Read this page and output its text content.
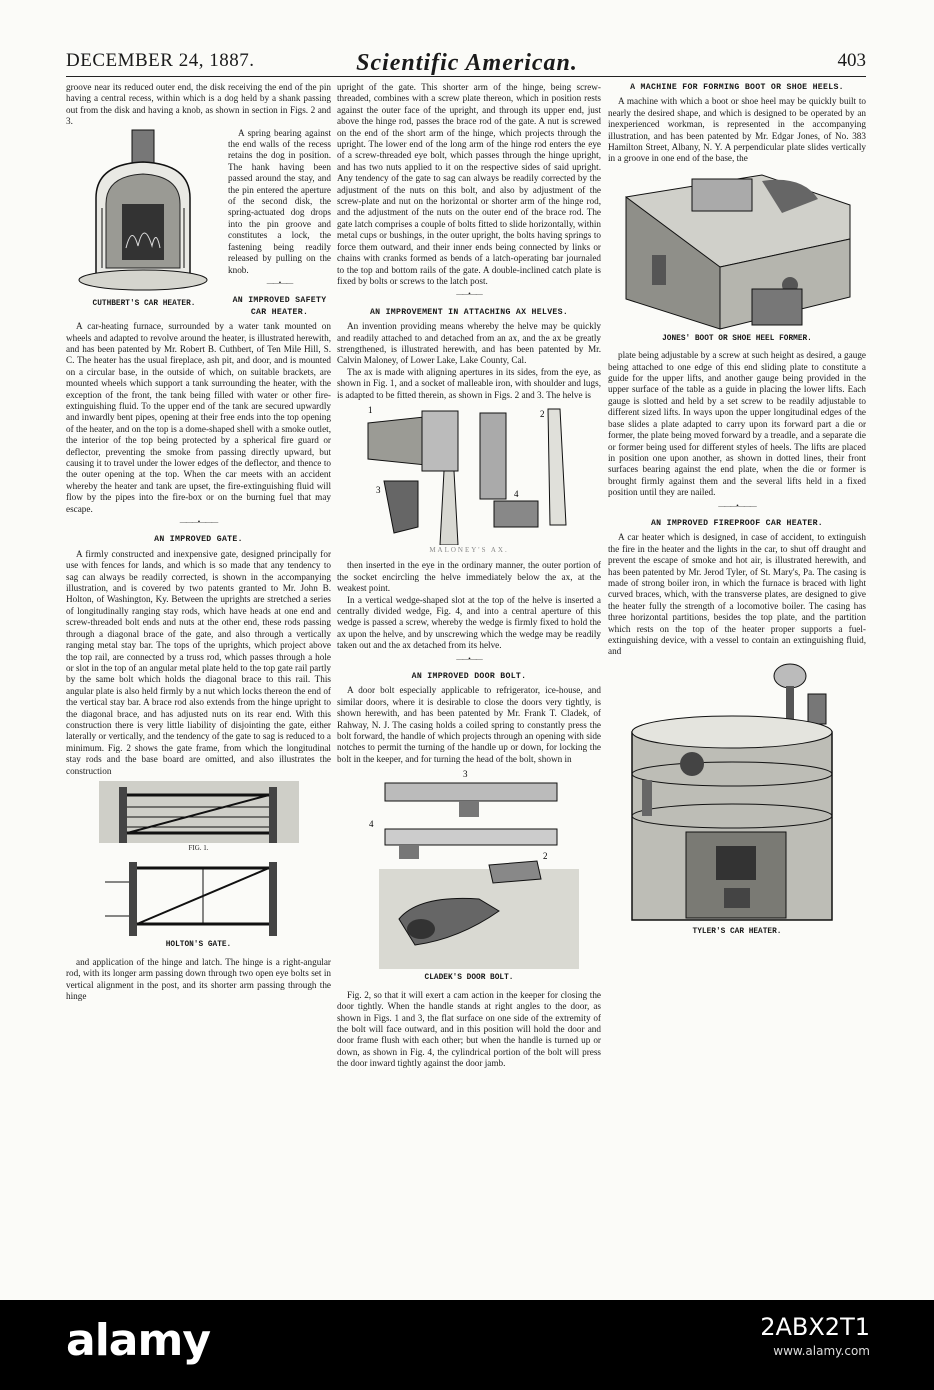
DECEMBER 24, 1887.	Scientific American.	403

groove near its reduced outer end, the disk receiving the end of the pin having a central recess, within which is a dog held by a shank passing out from the disk and having a knob, as shown in section in Figs. 2 and 3.

CUTHBERT'S CAR HEATER.

A spring bearing against the end walls of the recess retains the dog in position. The hank having been passed around the stay, and the pin entered the aperture of the second disk, the spring-actuated dog drops into the pin groove and constitutes a lock, the fastening being readily released by pulling on the knob.

——•——
AN IMPROVED SAFETY CAR HEATER.

A car-heating furnace, surrounded by a water tank mounted on wheels and adapted to revolve around the heater, is illustrated herewith, and has been patented by Mr. Robert B. Cuthbert, of Ten Mile Hill, S. C. The heater has the usual fireplace, ash pit, and door, and is mounted on a circular base, in the outside of which, on suitable brackets, are mounted wheels which support a tank surrounding the heater, with the exception of the front, the tank being filled with water or other fire-extinguishing fluid. To the upper end of the tank are secured upwardly and inwardly bent pipes, opening at their free ends into the top opening of the heater, and on the top is a dome-shaped shell with a smoke outlet, the interior of the top being protected by a spherical fire guard or deflector, preventing the smoke from passing directly upward, but causing it to travel under the lower edges of the deflector, and thence to the outer opening at the top. When the car meets with an accident whereby the heater and tank are upset, the fire-extinguishing fluid will flow by the pipes into the fire-box or on the burning fuel that may escape.

———•———
AN IMPROVED GATE.

A firmly constructed and inexpensive gate, designed principally for use with fences for lands, and which is so made that any tendency to sag can always be readily corrected, is shown in the accompanying illustration, and is covered by two patents granted to Mr. John B. Holton, of Washington, Ky. Between the uprights are stretched a series of longitudinally ranging stay rods, which have heads at one end and screw-threaded bolt ends and nuts at the other end, these rods passing through a diagonal brace of the gate, and also through a vertically ranging metal stay bar. The tops of the uprights, which project above the top rail, are connected by a truss rod, which passes through a hole or slot in the top of an angular metal plate held to the top gate rail partly by the same bolt which holds the diagonal brace to this rail. This angular plate is also held firmly by a nut which locks thereon the end of the vertical stay bar. A brace rod also extends from the hinge upright to the diagonal brace, and has adjusted nuts on its rear end. With this construction there is very little liability of disjointing the gate, either laterally or vertically, and the tendency of the gate to sag is reduced to a minimum. Fig. 2 shows the gate frame, from which the longitudinal stay rods and the base board are omitted, and also illustrates the construction

FIG. 1.
HOLTON'S GATE.

and application of the hinge and latch. The hinge is a right-angular rod, with its longer arm passing down through two open eye bolts set in vertical alignment in the post, and its shorter arm passing through the hinge

upright of the gate. This shorter arm of the hinge, being screw-threaded, combines with a screw plate thereon, which in position rests against the outer face of the upright, and through its upper end, just above the hinge rod, passes the brace rod of the gate. A nut is screwed on the end of the short arm of the hinge, which projects through the upright. The lower end of the long arm of the hinge rod enters the eye of a screw-threaded eye bolt, which passes through the hinge upright, and has two nuts applied to it on the respective sides of said upright. Any tendency of the gate to sag can always be readily corrected by the adjustment of the nuts on this bolt, and also by adjustment of the screw-plate and nut on the horizontal or shorter arm of the hinge rod, and the adjustment of the nuts on the outer end of the brace rod. The gate latch comprises a couple of bolts fitted to slide horizontally, within metal cups or bushings, in the outer upright, the bolts having springs to force them outward, and their inner ends being connected by links or chains with cranks formed as bends of a latch-operating bar journaled to the top and bottom rails of the gate. A double-inclined catch plate is fixed by bolts or screws to the latch post.

——•——
AN IMPROVEMENT IN ATTACHING AX HELVES.

An invention providing means whereby the helve may be quickly and readily attached to and detached from an ax, and the ax be greatly strengthened, is illustrated herewith, and has been patented by Mr. Calvin Maloney, of Lower Lake, Lake County, Cal.

The ax is made with aligning apertures in its sides, from the eye, as shown in Fig. 1, and a socket of malleable iron, with shoulder and lugs, is adapted to be fitted therein, as shown in Figs. 2 and 3. The helve is

1	2
3	4
MALONEY'S AX.

then inserted in the eye in the ordinary manner, the outer portion of the socket encircling the helve immediately below the ax, at the weakest point.

In a vertical wedge-shaped slot at the top of the helve is inserted a centrally divided wedge, Fig. 4, and into a central aperture of this wedge is passed a screw, whereby the wedge is firmly fixed to hold the ax upon the helve, and by unscrewing which the wedge may be readily taken out and the ax detached from its helve.

——•——
AN IMPROVED DOOR BOLT.

A door bolt especially applicable to refrigerator, ice-house, and similar doors, where it is desirable to close the doors very tightly, is shown herewith, and has been patented by Mr. Frank T. Cladek, of Rahway, N. J. The casing holds a coiled spring to constantly press the bolt forward, the handle of which projects through an opening with side notches to permit the turning of the handle up or down, for locking the bolt in the keeper, and for turning the head of the bolt, shown in

3
4
2
CLADEK'S DOOR BOLT.

Fig. 2, so that it will exert a cam action in the keeper for closing the door tightly. When the handle stands at right angles to the door, as shown in Figs. 1 and 3, the flat surface on one side of the extremity of the bolt will face outward, and in this position will hold the door and door frame flush with each other; but when the handle is turned up or down, as shown in Fig. 4, the cylindrical portion of the bolt will press the door inward tightly against the door jamb.

A MACHINE FOR FORMING BOOT OR SHOE HEELS.

A machine with which a boot or shoe heel may be quickly built to nearly the desired shape, and which is designed to be operated by an inexperienced workman, is represented in the accompanying illustration, and has been patented by Mr. Edgar Jones, of No. 383 Hamilton Street, Albany, N. Y. A perpendicular plate slides vertically in a groove in one end of the base, the

JONES' BOOT OR SHOE HEEL FORMER.

plate being adjustable by a screw at such height as desired, a gauge being attached to one edge of this end sliding plate to constitute a guide for the upper lifts, and another gauge being provided in the upper surface of the table as a guide in placing the lower lifts. Each gauge is slotted and held by a set screw to be readily adjustable to different sized lifts. In ways upon the upper longitudinal edges of the base slides a plate adapted to carry upon its forward part a die or former, the plate being moved forward by a treadle, and a separate die or former being used for different styles of heels. The lifts are placed in position one upon another, as shown in dotted lines, their front surfaces bearing against the end plate, when the die or former is brought firmly against them and the several lifts held in a fixed position until they are nailed.

———•———
AN IMPROVED FIREPROOF CAR HEATER.

A car heater which is designed, in case of accident, to extinguish the fire in the heater and the lights in the car, to shut off draught and prevent the escape of smoke and hot air, is illustrated herewith, and has been patented by Mr. Jerod Tyler, of St. Mary's, Pa. The casing is made of strong boiler iron, in which the furnace is braced with light curved braces, which, with the transverse plates, are designed to give the heater fully the strength of a locomotive boiler. The casing has three horizontal partitions, besides the top plate, and the partition which rests on the top of the heater proper supports a fuel-extinguishing device, with a vessel to contain an extinguishing fluid, and

TYLER'S CAR HEATER.
alamy	2ABX2T1
www.alamy.com
